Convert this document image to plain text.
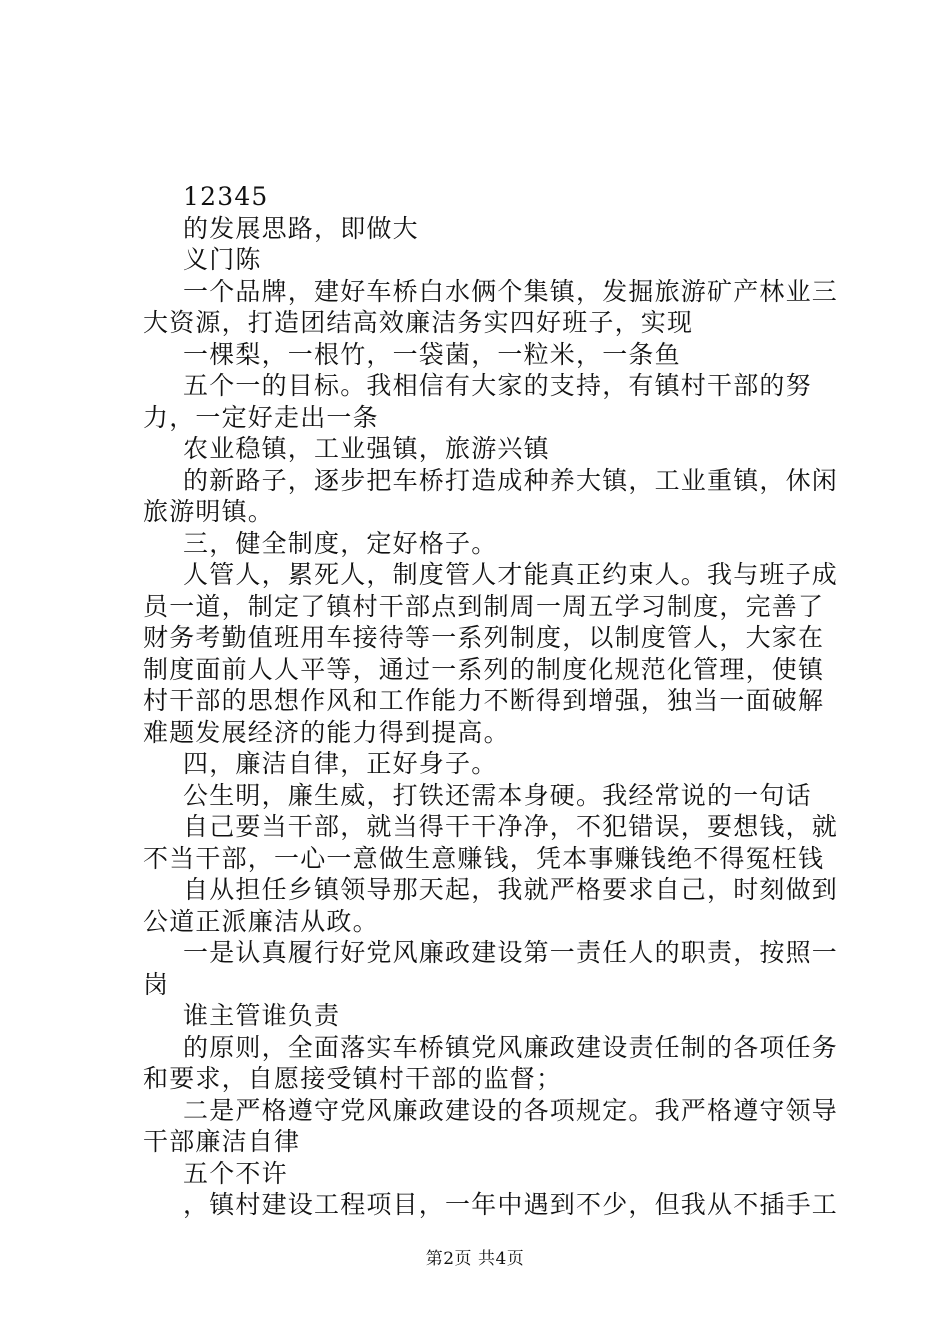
12345

的发展思路，即做大

义门陈

一个品牌，建好车桥白水俩个集镇，发掘旅游矿产林业三大资源，打造团结高效廉洁务实四好班子，实现

一棵梨，一根竹，一袋菌，一粒米，一条鱼

五个一的目标。我相信有大家的支持，有镇村干部的努力，一定好走出一条

农业稳镇，工业强镇，旅游兴镇

的新路子，逐步把车桥打造成种养大镇，工业重镇，休闲旅游明镇。

三，健全制度，定好格子。

人管人，累死人，制度管人才能真正约束人。我与班子成员一道，制定了镇村干部点到制周一周五学习制度，完善了财务考勤值班用车接待等一系列制度，以制度管人，大家在制度面前人人平等，通过一系列的制度化规范化管理，使镇村干部的思想作风和工作能力不断得到增强，独当一面破解难题发展经济的能力得到提高。

四，廉洁自律，正好身子。

公生明，廉生威，打铁还需本身硬。我经常说的一句话

自己要当干部，就当得干干净净，不犯错误，要想钱，就不当干部，一心一意做生意赚钱，凭本事赚钱绝不得冤枉钱

自从担任乡镇领导那天起，我就严格要求自己，时刻做到公道正派廉洁从政。

一是认真履行好党风廉政建设第一责任人的职责，按照一岗

谁主管谁负责

的原则，全面落实车桥镇党风廉政建设责任制的各项任务和要求，自愿接受镇村干部的监督；

二是严格遵守党风廉政建设的各项规定。我严格遵守领导干部廉洁自律

五个不许

，镇村建设工程项目，一年中遇到不少，但我从不插手工

第2页 共4页
